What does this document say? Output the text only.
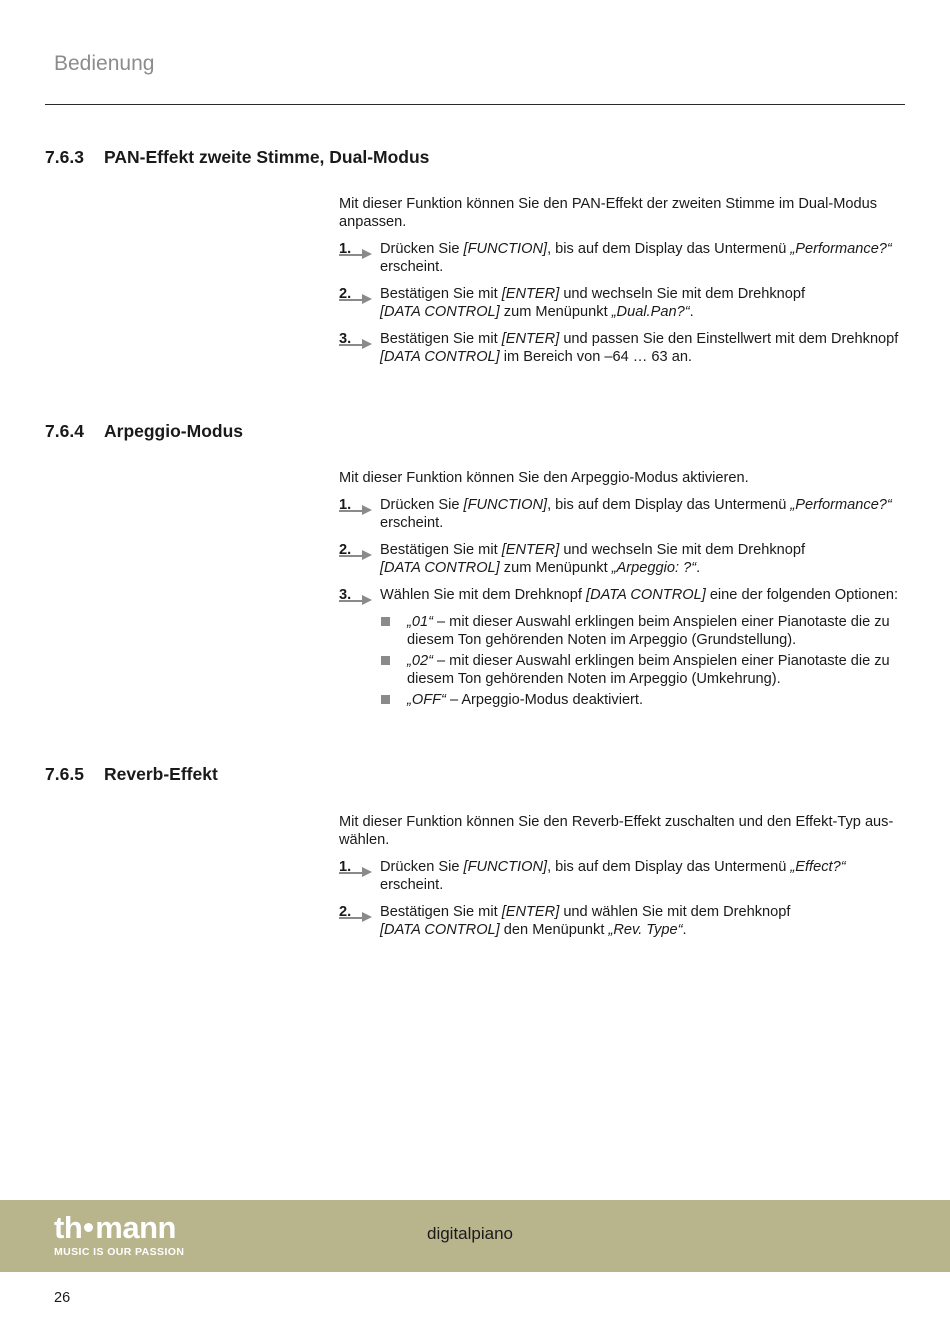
Bedienung
7.6.3 PAN-Effekt zweite Stimme, Dual-Modus

Mit dieser Funktion können Sie den PAN-Effekt der zweiten Stimme im Dual-Modus anpassen.

1. Drücken Sie [FUNCTION], bis auf dem Display das Untermenü „Performance?“ erscheint.
2. Bestätigen Sie mit [ENTER] und wechseln Sie mit dem Drehknopf
[DATA CONTROL] zum Menüpunkt „Dual.Pan?“.
3. Bestätigen Sie mit [ENTER] und passen Sie den Einstellwert mit dem Drehknopf
[DATA CONTROL] im Bereich von –64 … 63 an.
7.6.4 Arpeggio-Modus

Mit dieser Funktion können Sie den Arpeggio-Modus aktivieren.

1. Drücken Sie [FUNCTION], bis auf dem Display das Untermenü „Performance?“ erscheint.
2. Bestätigen Sie mit [ENTER] und wechseln Sie mit dem Drehknopf
[DATA CONTROL] zum Menüpunkt „Arpeggio: ?“.
3. Wählen Sie mit dem Drehknopf [DATA CONTROL] eine der folgenden Optionen:
„01“ – mit dieser Auswahl erklingen beim Anspielen einer Pianotaste die zu diesem Ton gehörenden Noten im Arpeggio (Grundstellung).
„02“ – mit dieser Auswahl erklingen beim Anspielen einer Pianotaste die zu diesem Ton gehörenden Noten im Arpeggio (Umkehrung).
„OFF“ – Arpeggio-Modus deaktiviert.
7.6.5 Reverb-Effekt

Mit dieser Funktion können Sie den Reverb-Effekt zuschalten und den Effekt-Typ auswählen.

1. Drücken Sie [FUNCTION], bis auf dem Display das Untermenü „Effect?“ erscheint.
2. Bestätigen Sie mit [ENTER] und wählen Sie mit dem Drehknopf
[DATA CONTROL] den Menüpunkt „Rev. Type“.
th mann
MUSIC IS OUR PASSION
digitalpiano
26
